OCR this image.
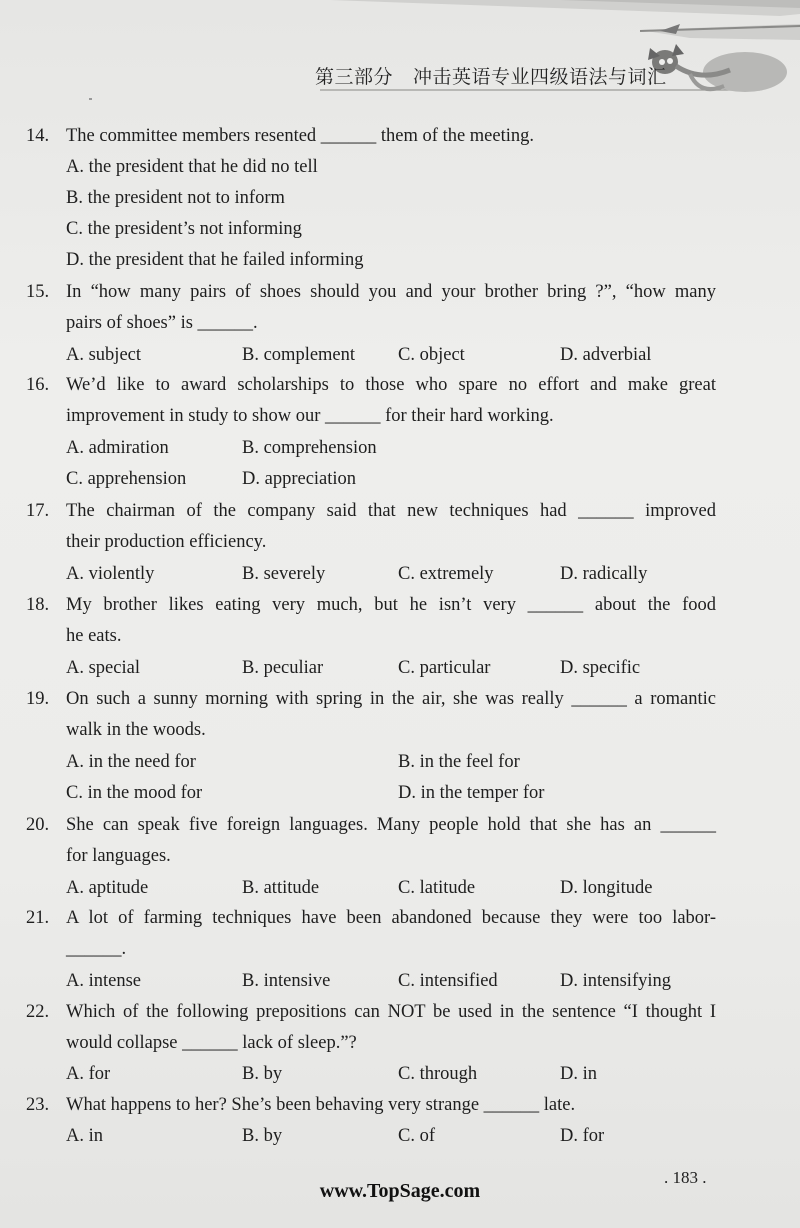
第三部分 冲击英语专业四级语法与词汇
14. The committee members resented ______ them of the meeting.
A. the president that he did no tell
B. the president not to inform
C. the president’s not informing
D. the president that he failed informing
15. In “how many pairs of shoes should you and your brother bring ?”, “how many
pairs of shoes” is ______.
A. subject	B. complement C. object	D. adverbial
16. We’d like to award scholarships to those who spare no effort and make great
improvement in study to show our ______ for their hard working.
A. admiration	B. comprehension
C. apprehension	D. appreciation
17. The chairman of the company said that new techniques had ______ improved
their production efficiency.
A. violently	B. severely	C. extremely	D. radically
18. My brother likes eating very much, but he isn’t very ______ about the food
he eats.
A. special	B. peculiar	C. particular	D. specific
19. On such a sunny morning with spring in the air, she was really ______ a romantic
walk in the woods.
A. in the need for	B. in the feel for
C. in the mood for	D. in the temper for
20. She can speak five foreign languages. Many people hold that she has an ______
for languages.
A. aptitude	B. attitude	C. latitude	D. longitude
21. A lot of farming techniques have been abandoned because they were too labor-
______.
A. intense	B. intensive	C. intensified	D. intensifying
22. Which of the following prepositions can NOT be used in the sentence “I thought I
would collapse ______ lack of sleep.”?
A. for	B. by	C. through	D. in
23. What happens to her? She’s been behaving very strange ______ late.
A. in	B. by	C. of	D. for
. 183 .
www.TopSage.com
